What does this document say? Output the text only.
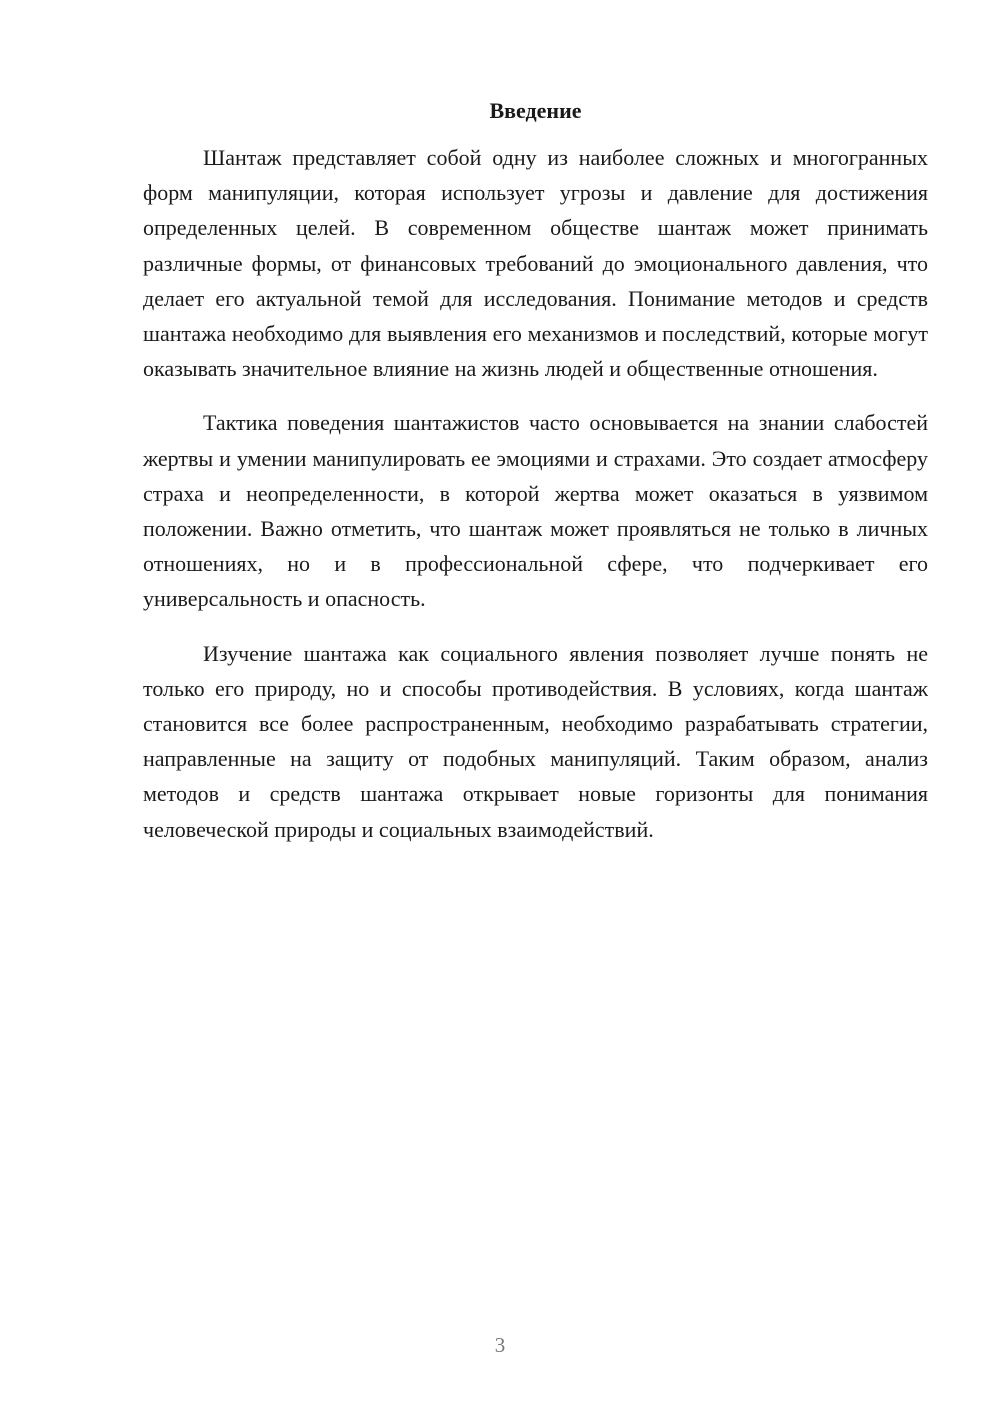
Введение

Шантаж представляет собой одну из наиболее сложных и многогранных форм манипуляции, которая использует угрозы и давление для достижения определенных целей. В современном обществе шантаж может принимать различные формы, от финансовых требований до эмоционального давления, что делает его актуальной темой для исследования. Понимание методов и средств шантажа необходимо для выявления его механизмов и последствий, которые могут оказывать значительное влияние на жизнь людей и общественные отношения.

Тактика поведения шантажистов часто основывается на знании слабостей жертвы и умении манипулировать ее эмоциями и страхами. Это создает атмосферу страха и неопределенности, в которой жертва может оказаться в уязвимом положении. Важно отметить, что шантаж может проявляться не только в личных отношениях, но и в профессиональной сфере, что подчеркивает его универсальность и опасность.

Изучение шантажа как социального явления позволяет лучше понять не только его природу, но и способы противодействия. В условиях, когда шантаж становится все более распространенным, необходимо разрабатывать стратегии, направленные на защиту от подобных манипуляций. Таким образом, анализ методов и средств шантажа открывает новые горизонты для понимания человеческой природы и социальных взаимодействий.

3
